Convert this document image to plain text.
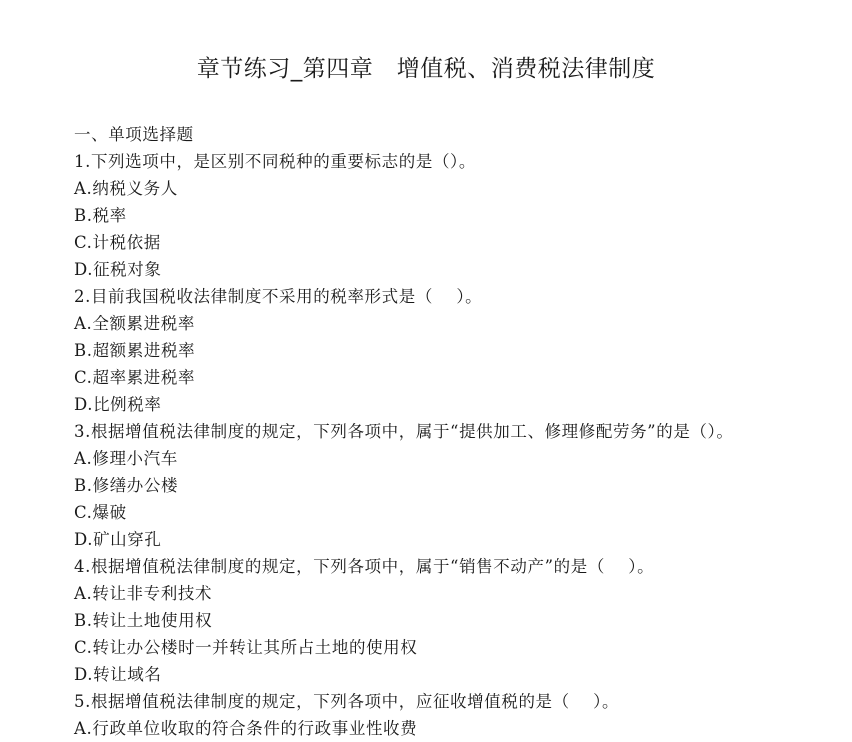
章节练习_第四章   增值税、消费税法律制度
一、单项选择题
1.下列选项中，是区别不同税种的重要标志的是（）。
A.纳税义务人
B.税率
C.计税依据
D.征税对象
2.目前我国税收法律制度不采用的税率形式是（    ）。
A.全额累进税率
B.超额累进税率
C.超率累进税率
D.比例税率
3.根据增值税法律制度的规定，下列各项中，属于“提供加工、修理修配劳务”的是（）。
A.修理小汽车
B.修缮办公楼
C.爆破
D.矿山穿孔
4.根据增值税法律制度的规定，下列各项中，属于“销售不动产”的是（    ）。
A.转让非专利技术
B.转让土地使用权
C.转让办公楼时一并转让其所占土地的使用权
D.转让域名
5.根据增值税法律制度的规定，下列各项中，应征收增值税的是（    ）。
A.行政单位收取的符合条件的行政事业性收费
